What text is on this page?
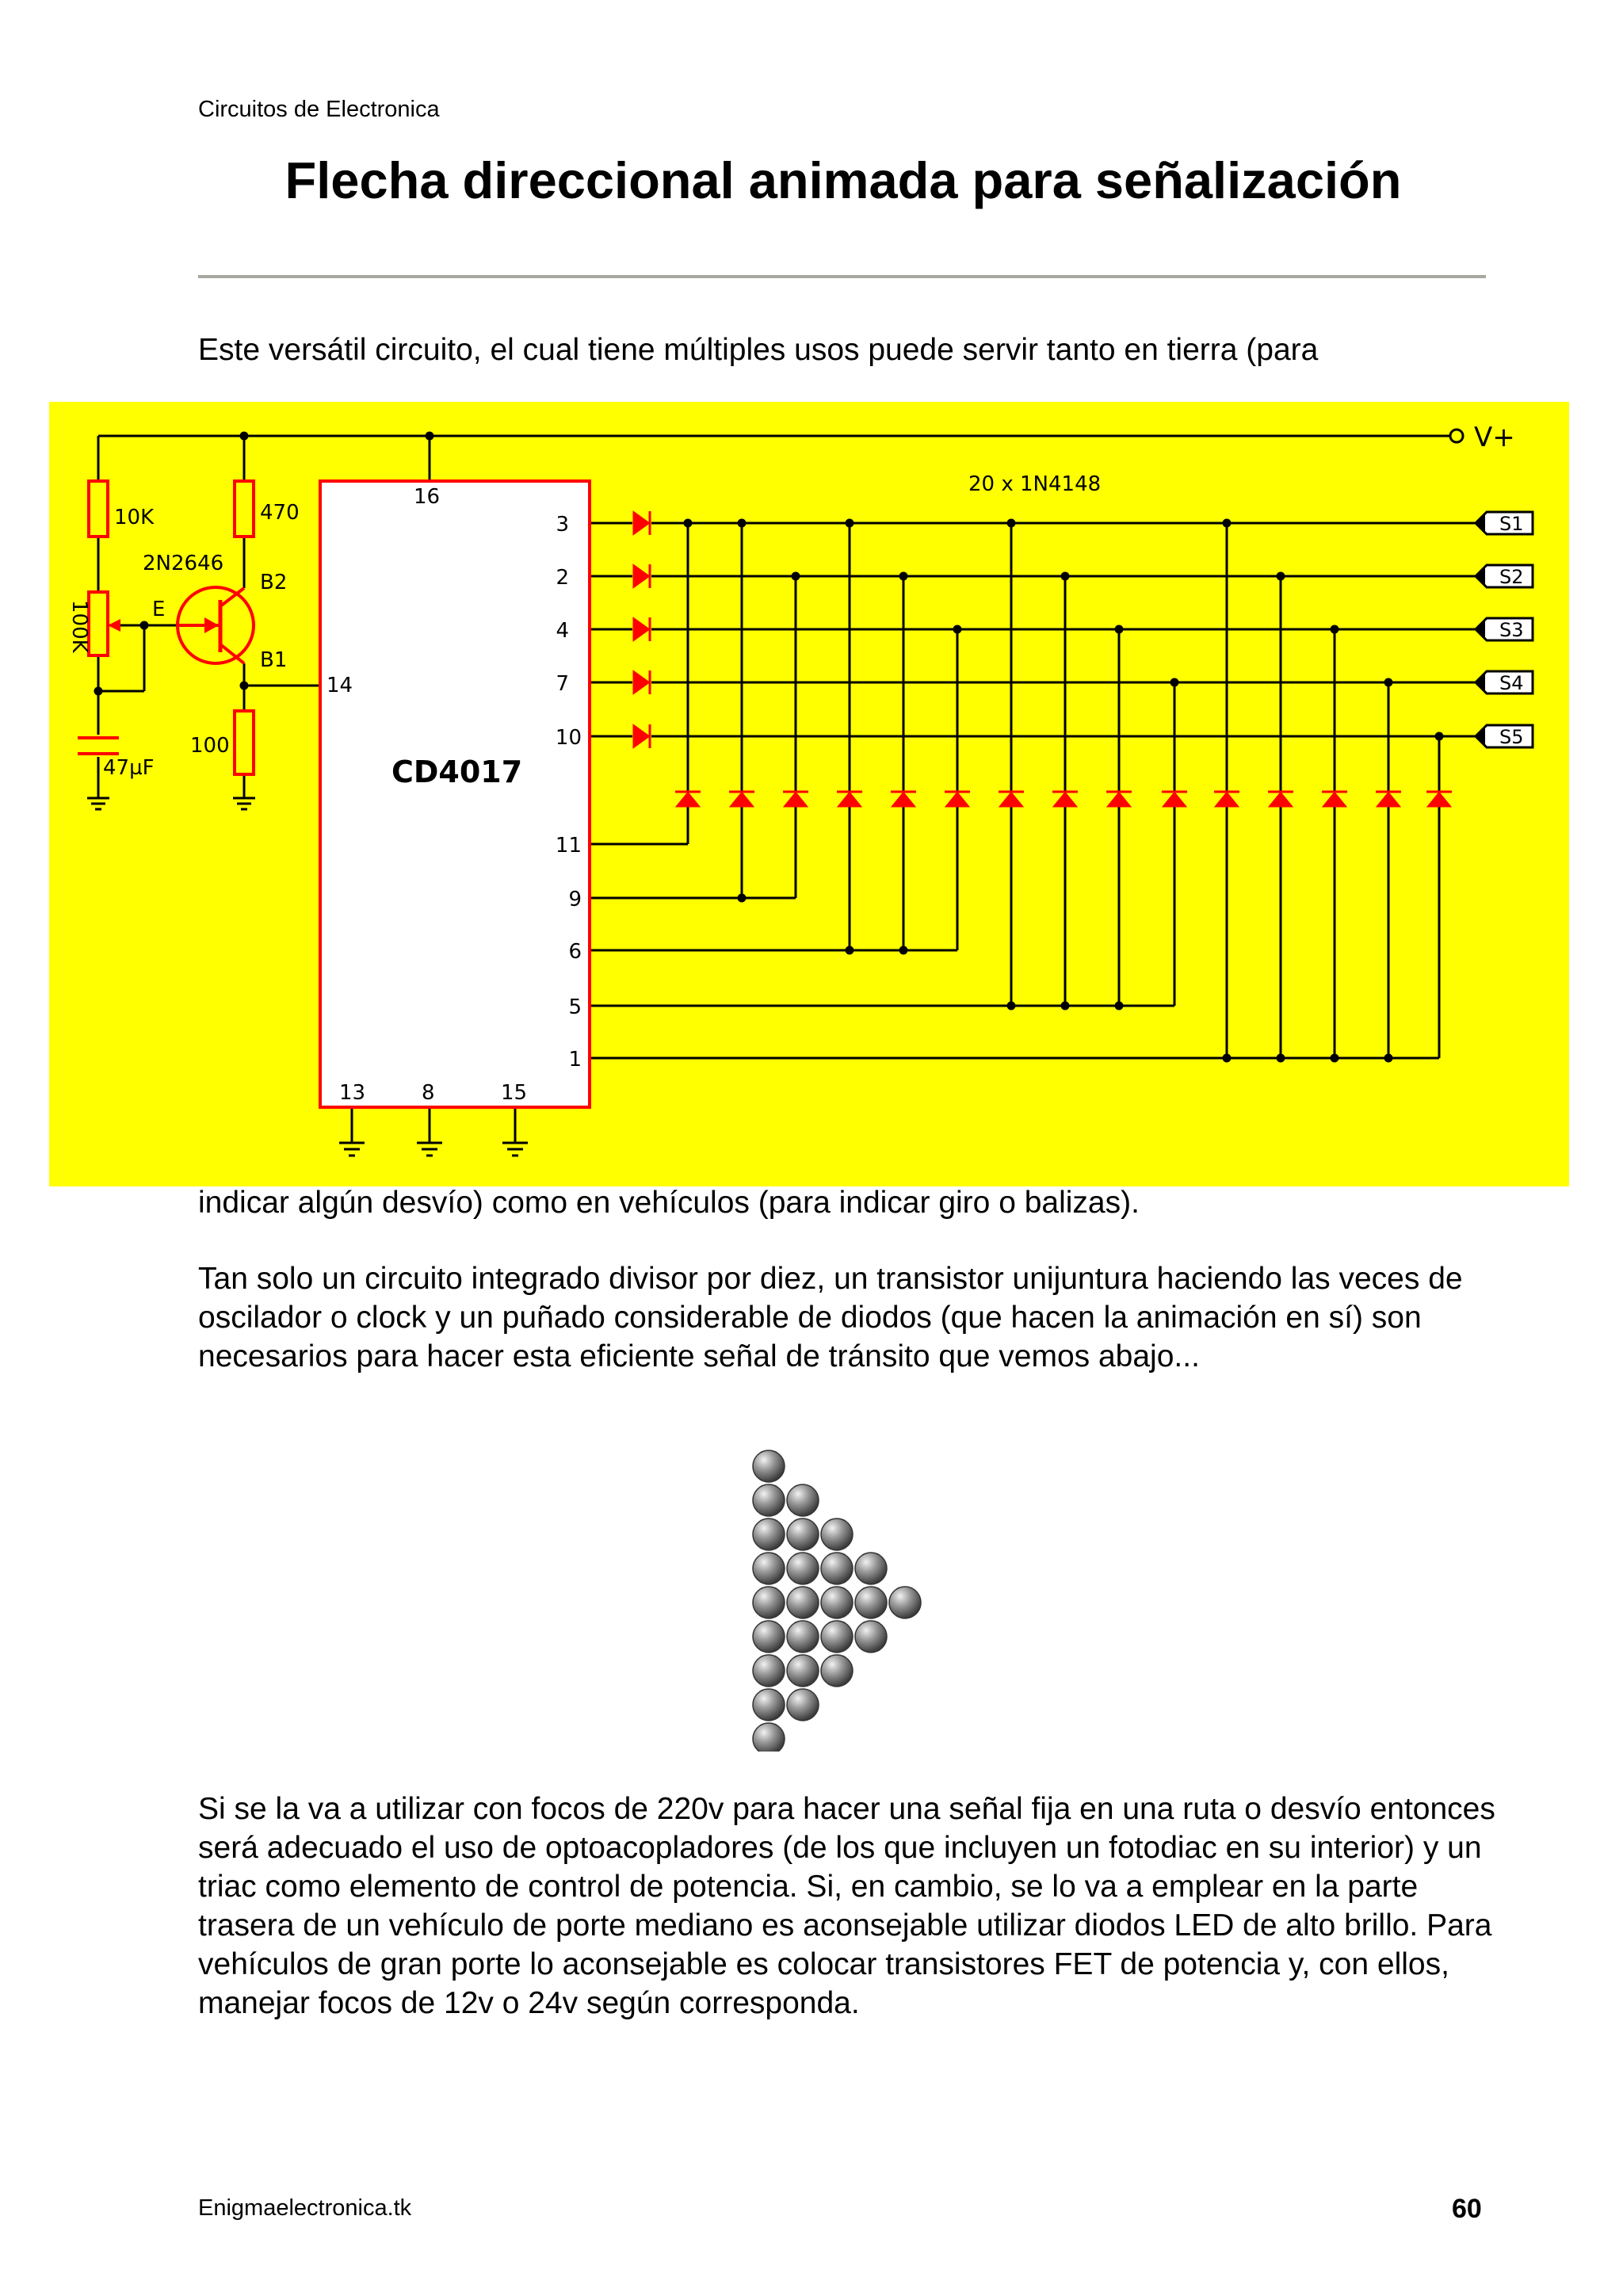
Circuitos de Electronica
Flecha direccional animada para señalización

Este versátil circuito, el cual tiene múltiples usos puede servir tanto en tierra (para

V+
10K	470
100
100K
47µF
2N2646
E
B2
B1
CD4017
16
14
3
2
4
7
10
11
9
6
5
1
13	8	15
20 x 1N4148
S1
S2
S3
S4
S5

indicar algún desvío) como en vehículos (para indicar giro o balizas).

Tan solo un circuito integrado divisor por diez, un transistor unijuntura haciendo las veces de oscilador o clock y un puñado considerable de diodos (que hacen la animación en sí) son necesarios para hacer esta eficiente señal de tránsito que vemos abajo...

Si se la va a utilizar con focos de 220v para hacer una señal fija en una ruta o desvío entonces será adecuado el uso de optoacopladores (de los que incluyen un fotodiac en su interior) y un triac como elemento de control de potencia. Si, en cambio, se lo va a emplear en la parte trasera de un vehículo de porte mediano es aconsejable utilizar diodos LED de alto brillo. Para vehículos de gran porte lo aconsejable es colocar transistores FET de potencia y, con ellos, manejar focos de 12v o 24v según corresponda.

Enigmaelectronica.tk	60
